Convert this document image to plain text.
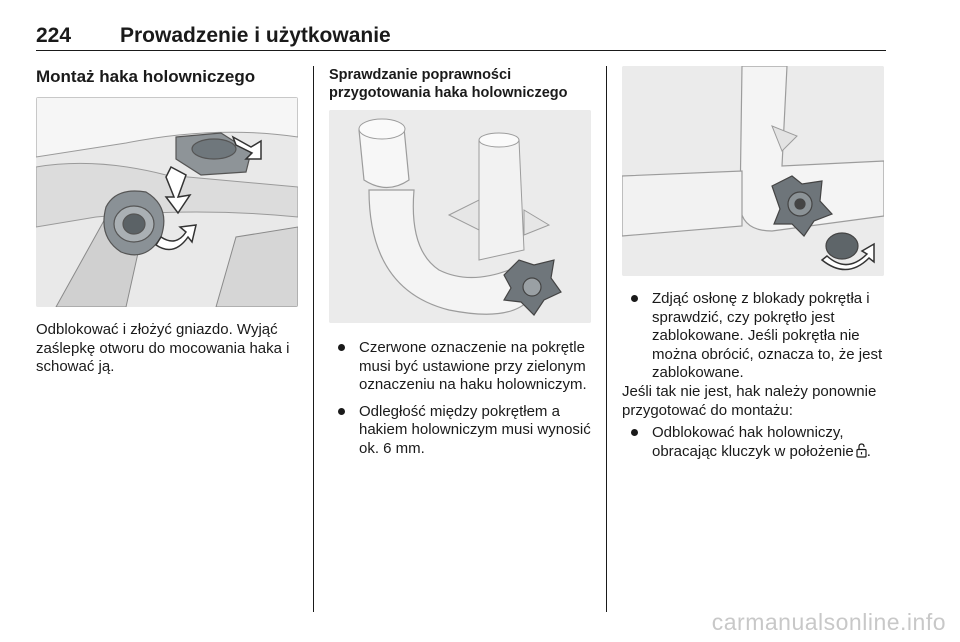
224 Prowadzenie i użytkowanie
Montaż haka holowniczego
Odblokować i złożyć gniazdo. Wyjąć zaślepkę otworu do mocowania haka i schować ją.
Sprawdzanie poprawności przygotowania haka holowniczego
Czerwone oznaczenie na pokrętle musi być ustawione przy zielonym oznaczeniu na haku holowniczym.
Odległość między pokrętłem a hakiem holowniczym musi wynosić ok. 6 mm.
Zdjąć osłonę z blokady pokrętła i sprawdzić, czy pokrętło jest zablokowane. Jeśli pokrętła nie można obrócić, oznacza to, że jest zablokowane.
Jeśli tak nie jest, hak należy ponownie przygotować do montażu:
Odblokować hak holowniczy, obracając kluczyk w położenie .
carmanualsonline.info
